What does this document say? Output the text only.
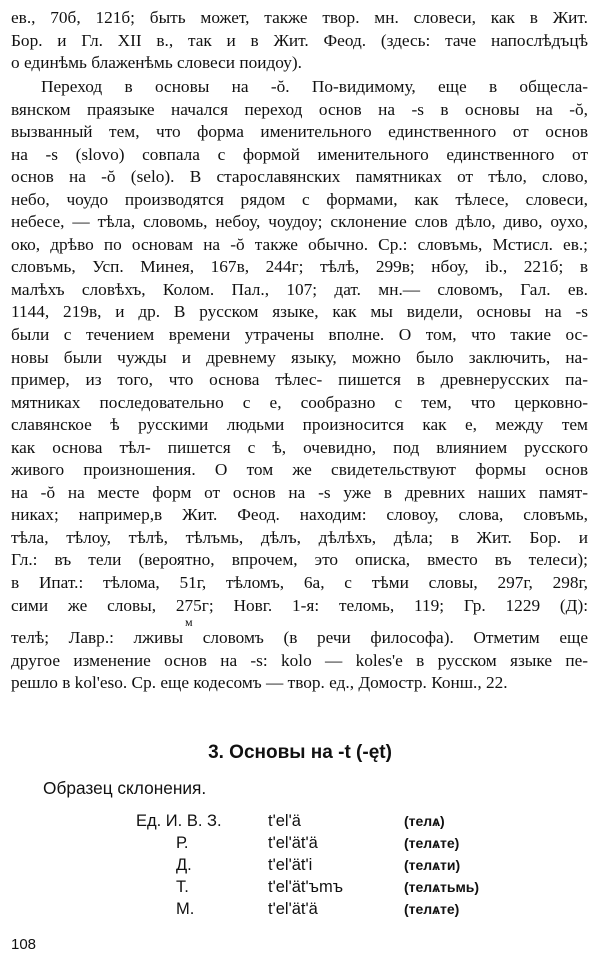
ев., 70б, 121б; быть может, также твор. мн. словеси, как в Жит.
Бор. и Гл. XII в., так и в Жит. Феод. (здесь: таче напослѣдъцѣ
о единѣмь блаженѣмь словеси поидоу).
Переход в основы на -ŏ. По-видимому, еще в общесла-
вянском праязыке начался переход основ на -s в основы на -ŏ,
вызванный тем, что форма именительного единственного от основ
на -s (slovo) совпала с формой именительного единственного от
основ на -ŏ (selo). В старославянских памятниках от тѣло, слово,
небо, чоудо производятся рядом с формами, как тѣлесе, словеси,
небесе, — тѣла, словомь, небоу, чоудоу; склонение слов дѣло, диво, оухо,
око, дрѣво по основам на -ŏ также обычно. Ср.: словъмь, Мстисл. ев.;
словъмь, Усп. Минея, 167в, 244г; тѣлѣ, 299в; нбоу, ib., 221б; в
малѣхъ словѣхъ, Колом. Пал., 107; дат. мн.— словомъ, Гал. ев.
1144, 219в, и др. В русском языке, как мы видели, основы на -s
были с течением времени утрачены вполне. О том, что такие ос-
новы были чужды и древнему языку, можно было заключить, на-
пример, из того, что основа тѣлес- пишется в древнерусских па-
мятниках последовательно с е, сообразно с тем, что церковно-
славянское ѣ русскими людьми произносится как е, между тем
как основа тѣл- пишется с ѣ, очевидно, под влиянием русского
живого произношения. О том же свидетельствуют формы основ
на -ŏ на месте форм от основ на -s уже в древних наших памят-
никах; например,в Жит. Феод. находим: словоу, слова, словъмь,
тѣла, тѣлоу, тѣлѣ, тѣлъмь, дѣлъ, дѣлѣхъ, дѣла; в Жит. Бор. и
Гл.: въ тели (вероятно, впрочем, это описка, вместо въ телеси);
в Ипат.: тѣлома, 51г, тѣломъ, 6а, с тѣми словы, 297г, 298г,
сими же словы, 275г; Новг. 1-я: теломь, 119; Гр. 1229 (Д):
м
телѣ; Лавр.: лживы словомъ (в речи философа). Отметим еще
другое изменение основ на -s: kolo — koles'e в русском языке пе-
решло в kol'eso. Ср. еще кодесомъ — твор. ед., Домостр. Конш., 22.
3. Основы на -t (-ęt)
Образец склонения.
Ед. И. В. З.	t'el'ä	(телѧ)
Р.	t'el'ät'ä	(телѧте)
Д.	t'el'ät'i	(телѧти)
Т.	t'el'ät'ъmъ	(телѧтьмь)
М.	t'el'ät'ä	(телѧте)
108
